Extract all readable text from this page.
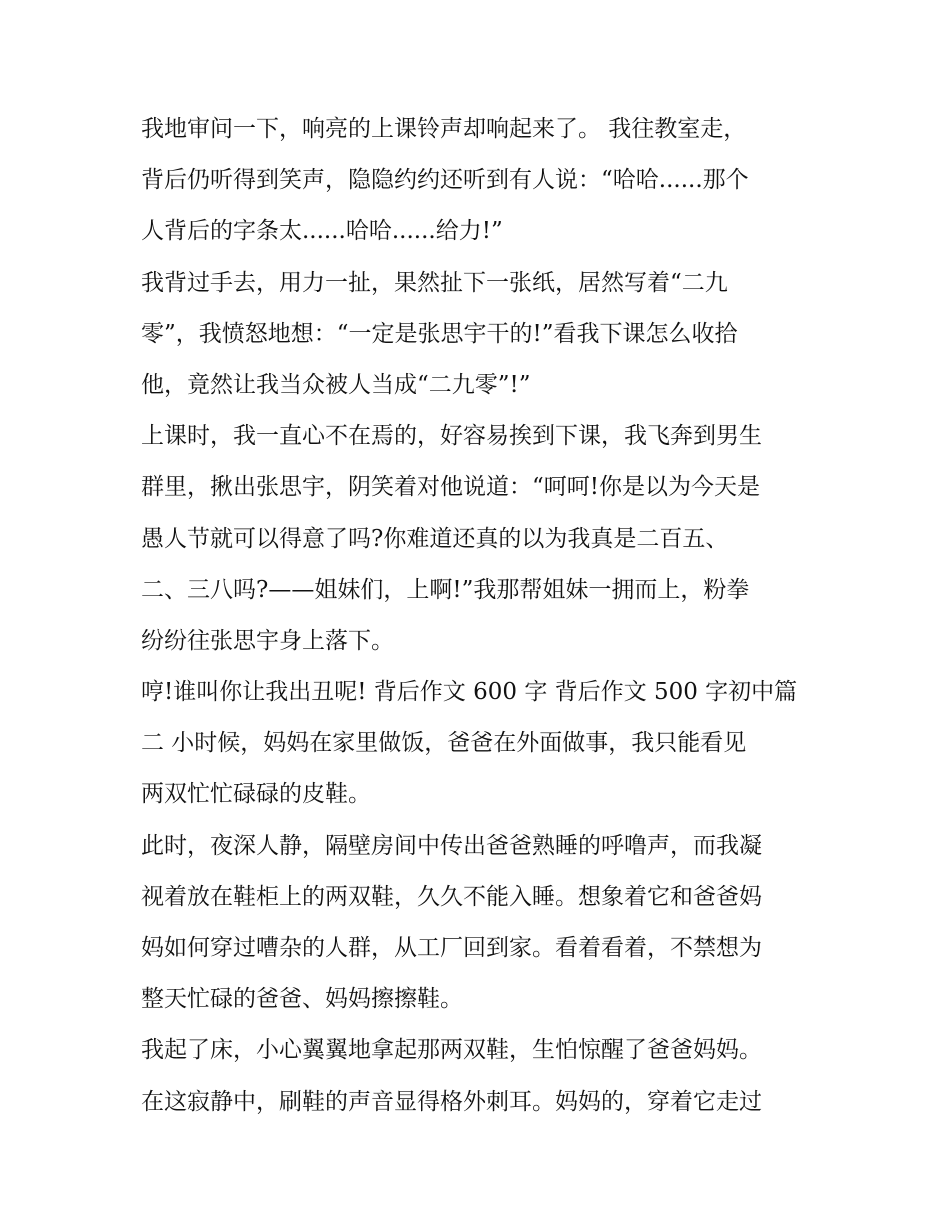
我地审问一下，响亮的上课铃声却响起来了。 我往教室走，
背后仍听得到笑声，隐隐约约还听到有人说：“哈哈......那个
人背后的字条太......哈哈......给力!”
我背过手去，用力一扯，果然扯下一张纸，居然写着“二九
零”，我愤怒地想：“一定是张思宇干的!”看我下课怎么收拾
他，竟然让我当众被人当成“二九零”!”
上课时，我一直心不在焉的，好容易挨到下课，我飞奔到男生
群里，揪出张思宇，阴笑着对他说道：“呵呵!你是以为今天是
愚人节就可以得意了吗?你难道还真的以为我真是二百五、
二、三八吗?——姐妹们，上啊!”我那帮姐妹一拥而上，粉拳
纷纷往张思宇身上落下。
哼!谁叫你让我出丑呢! 背后作文 600 字 背后作文 500 字初中篇
二 小时候，妈妈在家里做饭，爸爸在外面做事，我只能看见
两双忙忙碌碌的皮鞋。
此时，夜深人静，隔壁房间中传出爸爸熟睡的呼噜声，而我凝
视着放在鞋柜上的两双鞋，久久不能入睡。想象着它和爸爸妈
妈如何穿过嘈杂的人群，从工厂回到家。看着看着，不禁想为
整天忙碌的爸爸、妈妈擦擦鞋。
我起了床，小心翼翼地拿起那两双鞋，生怕惊醒了爸爸妈妈。
在这寂静中，刷鞋的声音显得格外刺耳。妈妈的，穿着它走过
